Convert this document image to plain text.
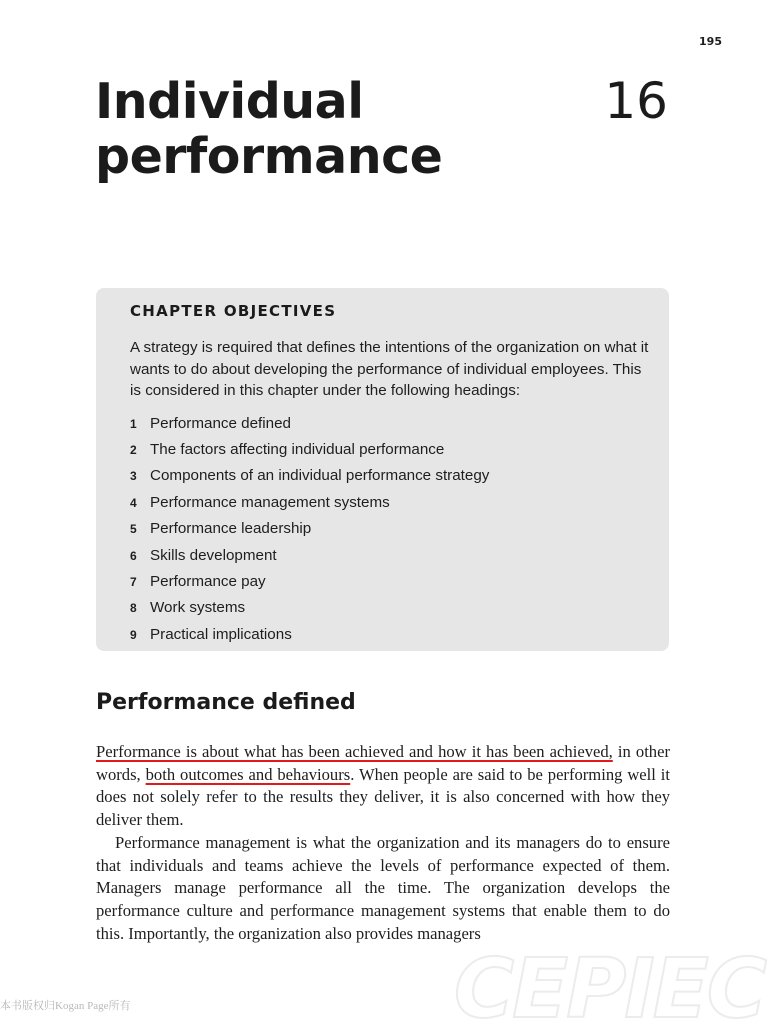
195
Individual
performance
16
CHAPTER OBJECTIVES

A strategy is required that defines the intentions of the organization on what it wants to do about developing the performance of individual employees. This is considered in this chapter under the following headings:

1 Performance defined
2 The factors affecting individual performance
3 Components of an individual performance strategy
4 Performance management systems
5 Performance leadership
6 Skills development
7 Performance pay
8 Work systems
9 Practical implications
Performance defined

Performance is about what has been achieved and how it has been achieved, in other words, both outcomes and behaviours. When people are said to be performing well it does not solely refer to the results they deliver, it is also concerned with how they deliver them.

Performance management is what the organization and its managers do to ensure that individuals and teams achieve the levels of performance expected of them. Managers manage performance all the time. The organization develops the performance culture and performance management systems that enable them to do this. Importantly, the organization also provides managers

本书版权归Kogan Page所有	CEPIEC
